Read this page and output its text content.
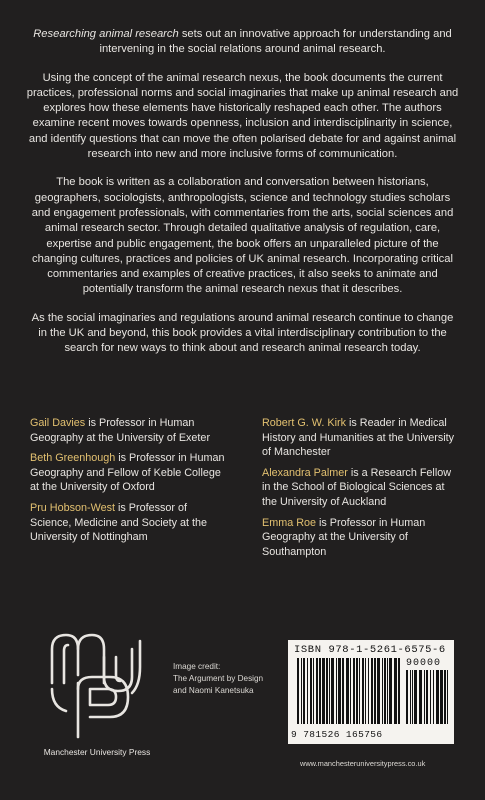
Researching animal research sets out an innovative approach for understanding and intervening in the social relations around animal research.

Using the concept of the animal research nexus, the book documents the current practices, professional norms and social imaginaries that make up animal research and explores how these elements have historically reshaped each other. The authors examine recent moves towards openness, inclusion and interdisciplinarity in science, and identify questions that can move the often polarised debate for and against animal research into new and more inclusive forms of communication.

The book is written as a collaboration and conversation between historians, geographers, sociologists, anthropologists, science and technology studies scholars and engagement professionals, with commentaries from the arts, social sciences and animal research sector. Through detailed qualitative analysis of regulation, care, expertise and public engagement, the book offers an unparalleled picture of the changing cultures, practices and policies of UK animal research. Incorporating critical commentaries and examples of creative practices, it also seeks to animate and potentially transform the animal research nexus that it describes.

As the social imaginaries and regulations around animal research continue to change in the UK and beyond, this book provides a vital interdisciplinary contribution to the search for new ways to think about and research animal research today.

Gail Davies is Professor in Human Geography at the University of Exeter
Beth Greenhough is Professor in Human Geography and Fellow of Keble College at the University of Oxford
Pru Hobson-West is Professor of Science, Medicine and Society at the University of Nottingham
Robert G. W. Kirk is Reader in Medical History and Humanities at the University of Manchester
Alexandra Palmer is a Research Fellow in the School of Biological Sciences at the University of Auckland
Emma Roe is Professor in Human Geography at the University of Southampton
Manchester University Press
Image credit:
The Argument by Design
and Naomi Kanetsuka
ISBN 978-1-5261-6575-6
90000
9 781526 165756
www.manchesteruniversitypress.co.uk
